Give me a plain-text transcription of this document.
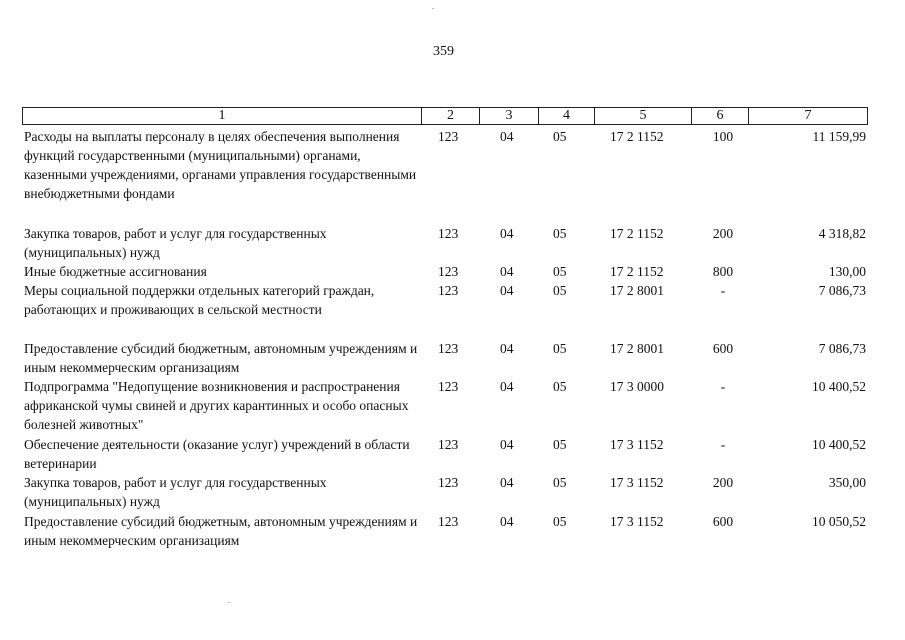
359
1	2	3	4	5	6	7
Расходы на выплаты персоналу в целях обеспечения выполнения функций государственными (муниципальными) органами, казенными учреждениями, органами управления государственными внебюджетными фондами
123	04	05	17 2 1152	100	11 159,99
Закупка товаров, работ и услуг для государственных (муниципальных) нужд
123	04	05	17 2 1152	200	4 318,82
Иные бюджетные ассигнования	123	04	05	17 2 1152	800	130,00
Меры социальной поддержки отдельных категорий граждан, работающих и проживающих в сельской местности
123	04	05	17 2 8001	-	7 086,73
Предоставление субсидий бюджетным, автономным учреждениям и иным некоммерческим организациям
123	04	05	17 2 8001	600	7 086,73
Подпрограмма "Недопущение возникновения и распространения африканской чумы свиней и других карантинных и особо опасных болезней животных"
123	04	05	17 3 0000	-	10 400,52
Обеспечение деятельности (оказание услуг) учреждений в области ветеринарии
123	04	05	17 3 1152	-	10 400,52
Закупка товаров, работ и услуг для государственных (муниципальных) нужд
123	04	05	17 3 1152	200	350,00
Предоставление субсидий бюджетным, автономным учреждениям и иным некоммерческим организациям
123	04	05	17 3 1152	600	10 050,52
